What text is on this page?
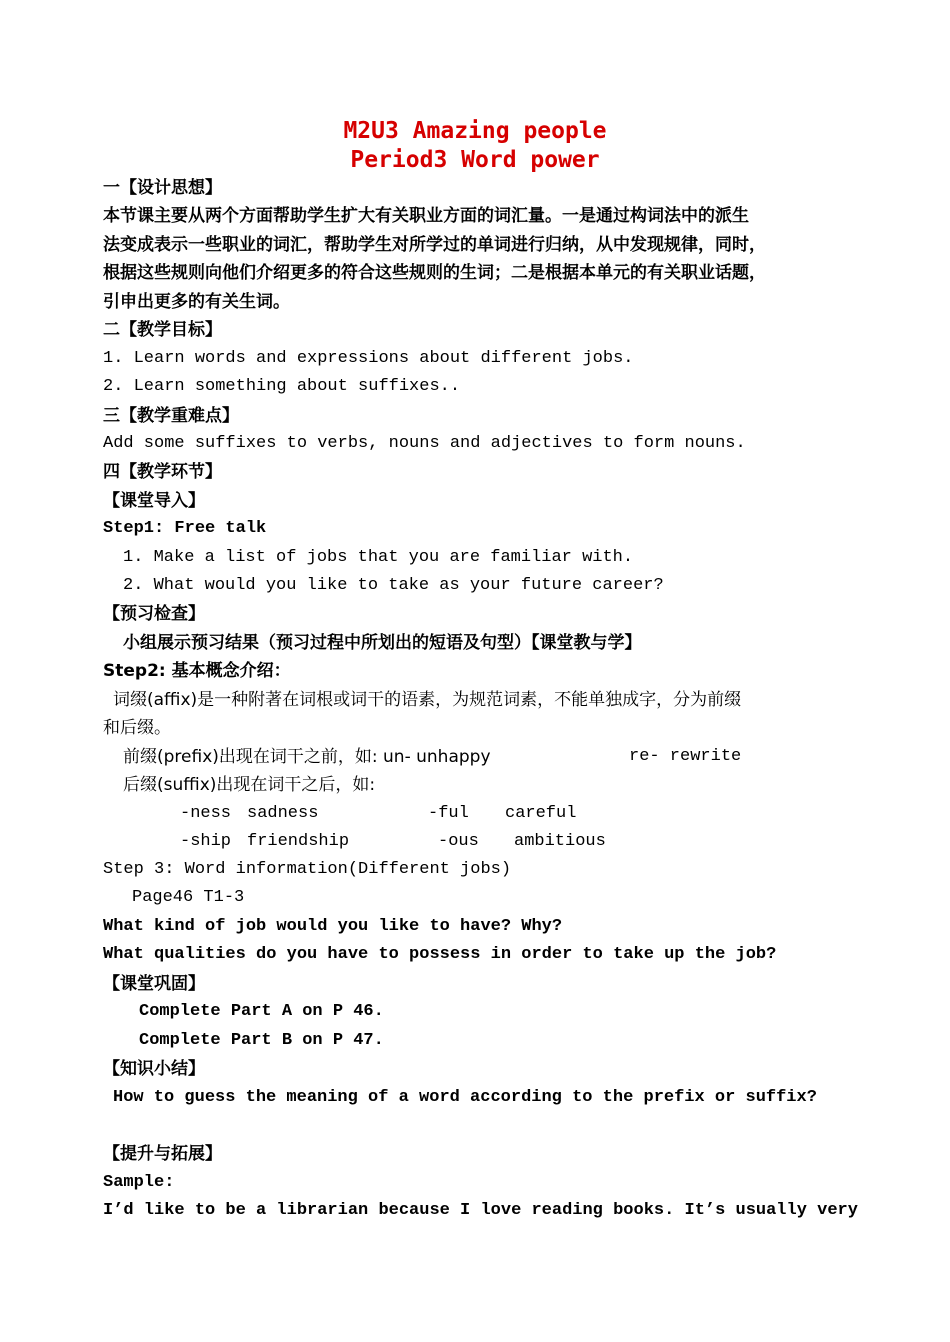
M2U3 Amazing people
Period3 Word power
一【设计思想】
本节课主要从两个方面帮助学生扩大有关职业方面的词汇量。一是通过构词法中的派生
法变成表示一些职业的词汇，帮助学生对所学过的单词进行归纳，从中发现规律，同时，
根据这些规则向他们介绍更多的符合这些规则的生词；二是根据本单元的有关职业话题，
引申出更多的有关生词。
二【教学目标】
1. Learn words and expressions about different jobs.
2. Learn something about suffixes..
三【教学重难点】
Add some suffixes to verbs, nouns and adjectives to form nouns.
四【教学环节】
【课堂导入】
Step1: Free talk
1. Make a list of jobs that you are familiar with.
2. What would you like to take as your future career?
【预习检查】
小组展示预习结果（预习过程中所划出的短语及句型）【课堂教与学】
Step2: 基本概念介绍：
词缀(affix)是一种附著在词根或词干的语素，为规范词素，不能单独成字，分为前缀
和后缀。
前缀(prefix)出现在词干之前，如: un- unhappy	re- rewrite
后缀(suffix)出现在词干之后，如:
-ness sadness	-ful careful
-ship friendship	-ous ambitious
Step 3: Word information(Different jobs)
Page46 T1-3
What kind of job would you like to have? Why?
What qualities do you have to possess in order to take up the job?
【课堂巩固】
Complete Part A on P 46.
Complete Part B on P 47.
【知识小结】
How to guess the meaning of a word according to the prefix or suffix?
【提升与拓展】
Sample:
I’d like to be a librarian because I love reading books. It’s usually very
